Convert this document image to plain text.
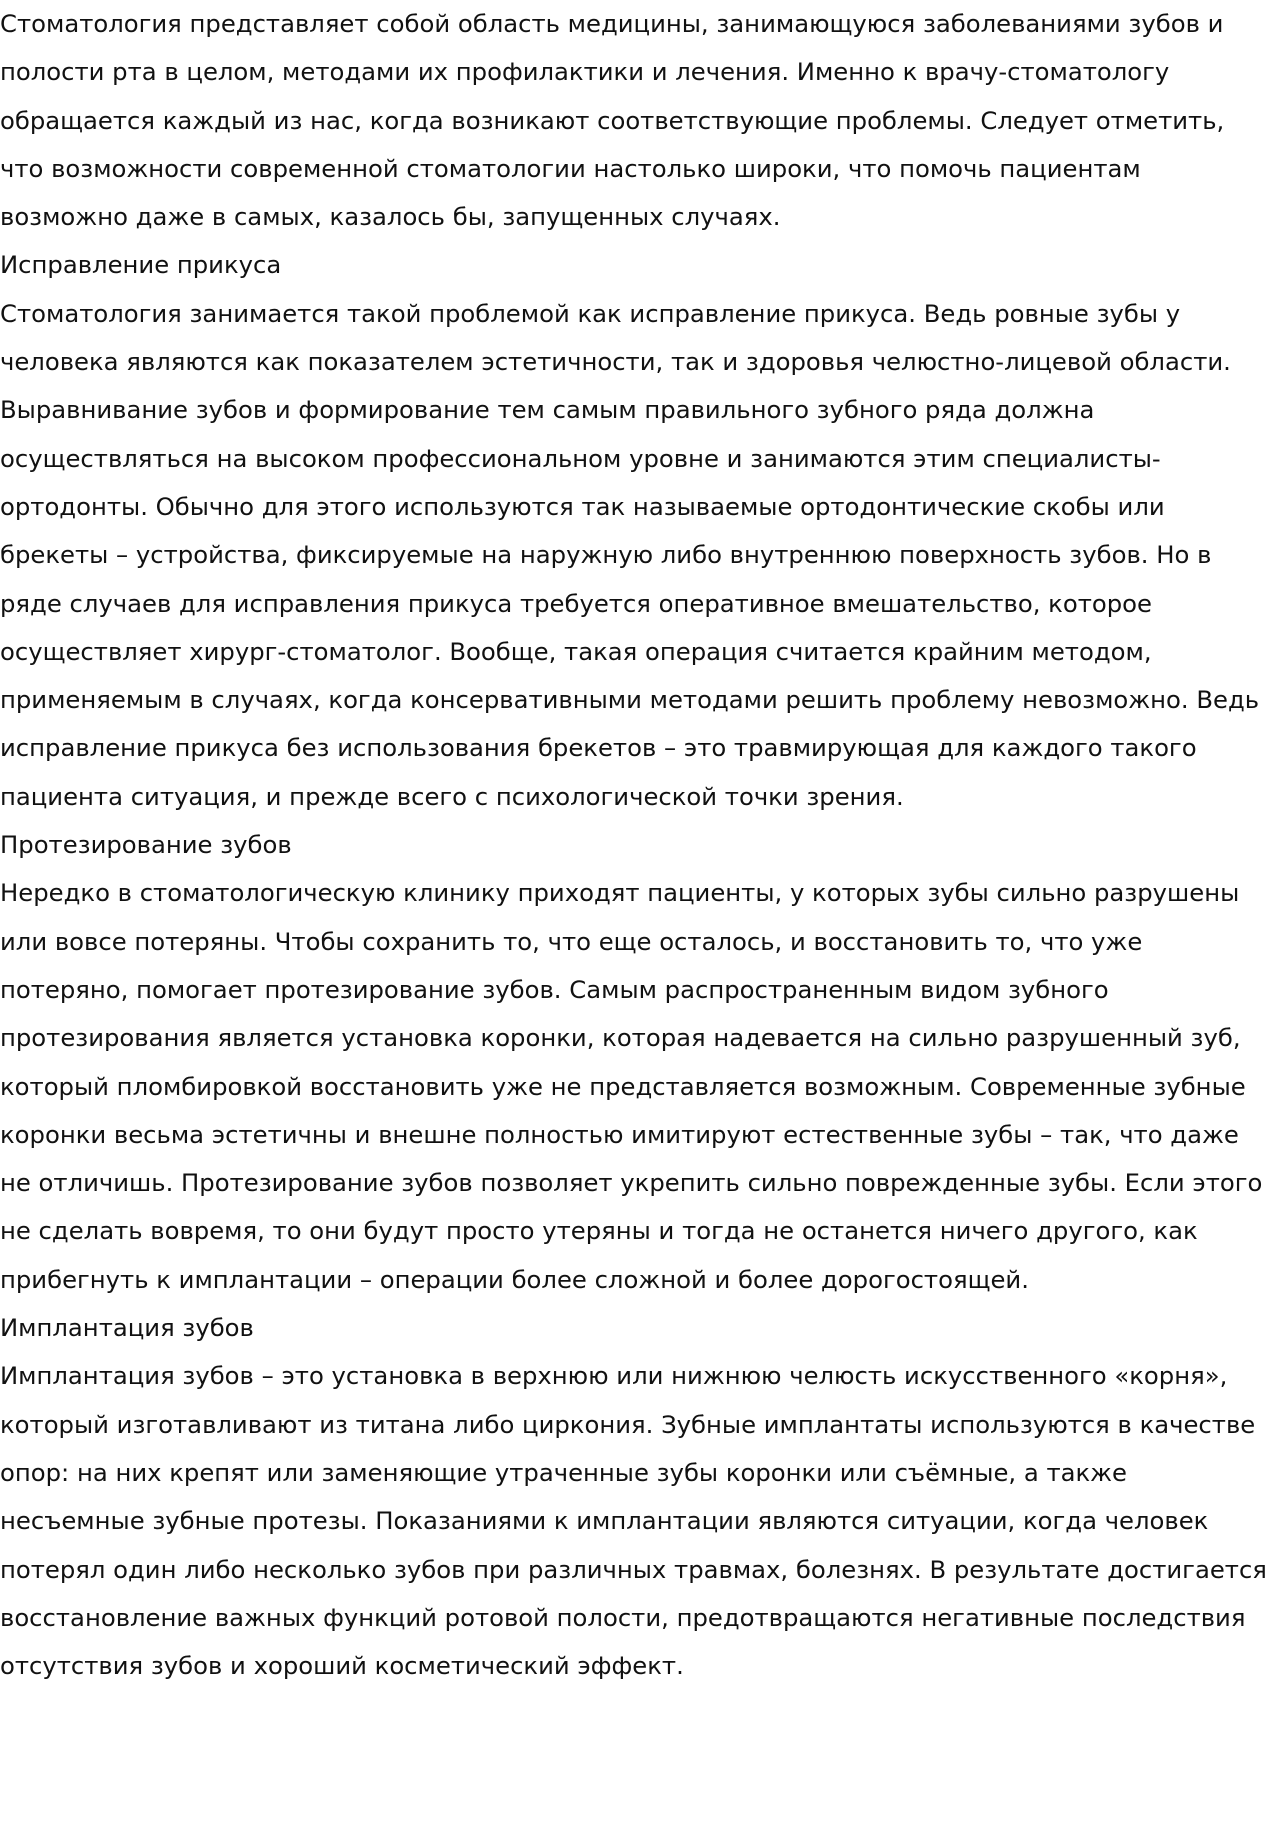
Стоматология представляет собой область медицины, занимающуюся заболеваниями зубов и полости рта в целом, методами их профилактики и лечения. Именно к врачу-стоматологу обращается каждый из нас, когда возникают соответствующие проблемы. Следует отметить, что возможности современной стоматологии настолько широки, что помочь пациентам возможно даже в самых, казалось бы, запущенных случаях.

Исправление прикуса

Стоматология занимается такой проблемой как исправление прикуса. Ведь ровные зубы у человека являются как показателем эстетичности, так и здоровья челюстно-лицевой области. Выравнивание зубов и формирование тем самым правильного зубного ряда должна осуществляться на высоком профессиональном уровне и занимаются этим специалисты-ортодонты. Обычно для этого используются так называемые ортодонтические скобы или брекеты – устройства, фиксируемые на наружную либо внутреннюю поверхность зубов. Но в ряде случаев для исправления прикуса требуется оперативное вмешательство, которое осуществляет хирург-стоматолог. Вообще, такая операция считается крайним методом, применяемым в случаях, когда консервативными методами решить проблему невозможно. Ведь исправление прикуса без использования брекетов – это травмирующая для каждого такого пациента ситуация, и прежде всего с психологической точки зрения.

Протезирование зубов

Нередко в стоматологическую клинику приходят пациенты, у которых зубы сильно разрушены или вовсе потеряны. Чтобы сохранить то, что еще осталось, и восстановить то, что уже потеряно, помогает протезирование зубов. Самым распространенным видом зубного протезирования является установка коронки, которая надевается на сильно разрушенный зуб, который пломбировкой восстановить уже не представляется возможным. Современные зубные коронки весьма эстетичны и внешне полностью имитируют естественные зубы – так, что даже не отличишь. Протезирование зубов позволяет укрепить сильно поврежденные зубы. Если этого не сделать вовремя, то они будут просто утеряны и тогда не останется ничего другого, как прибегнуть к имплантации – операции более сложной и более дорогостоящей.

Имплантация зубов

Имплантация зубов – это установка в верхнюю или нижнюю челюсть искусственного «корня», который изготавливают из титана либо циркония. Зубные имплантаты используются в качестве опор: на них крепят или заменяющие утраченные зубы коронки или съёмные, а также несъемные зубные протезы. Показаниями к имплантации являются ситуации, когда человек потерял один либо несколько зубов при различных травмах, болезнях. В результате достигается восстановление важных функций ротовой полости, предотвращаются негативные последствия отсутствия зубов и хороший косметический эффект.
